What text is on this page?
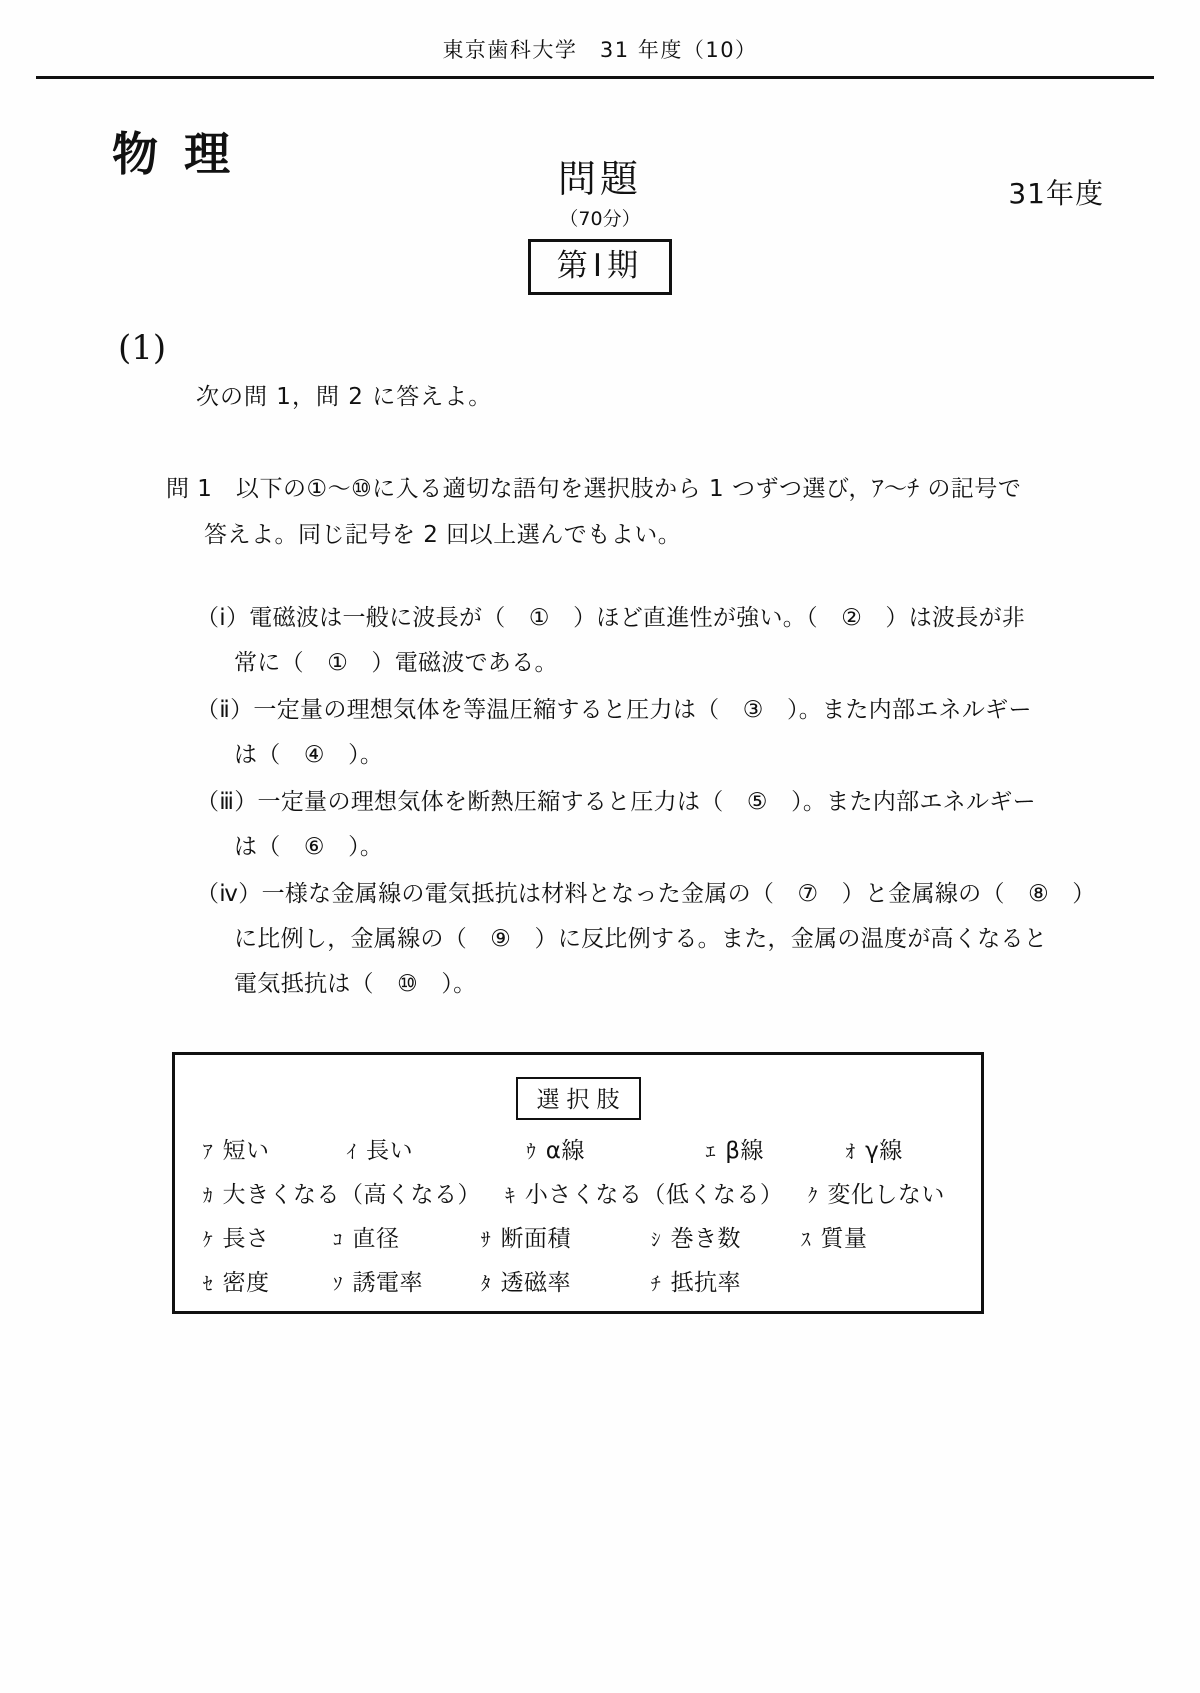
東京歯科大学　31 年度（10）
物理	問題
（70分）
第Ⅰ期
31年度
(1)
次の問 1，問 2 に答えよ。
問 1　以下の①〜⑩に入る適切な語句を選択肢から 1 つずつ選び，ｱ〜ﾁ の記号で
答えよ。同じ記号を 2 回以上選んでもよい。
（ⅰ）電磁波は一般に波長が（　①　）ほど直進性が強い。（　②　）は波長が非
常に（　①　）電磁波である。
（ⅱ）一定量の理想気体を等温圧縮すると圧力は（　③　）。また内部エネルギー
は（　④　）。
（ⅲ）一定量の理想気体を断熱圧縮すると圧力は（　⑤　）。また内部エネルギー
は（　⑥　）。
（ⅳ）一様な金属線の電気抵抗は材料となった金属の（　⑦　）と金属線の（　⑧　）
に比例し，金属線の（　⑨　）に反比例する。また，金属の温度が高くなると
電気抵抗は（　⑩　）。
選択肢
ｱ 短い	ｲ 長い	ｳ α線	ｴ β線	ｵ γ線
ｶ 大きくなる（高くなる） ｷ 小さくなる（低くなる） ｸ 変化しない
ｹ 長さ	ｺ 直径	ｻ 断面積	ｼ 巻き数	ｽ 質量
ｾ 密度	ｿ 誘電率	ﾀ 透磁率	ﾁ 抵抗率
